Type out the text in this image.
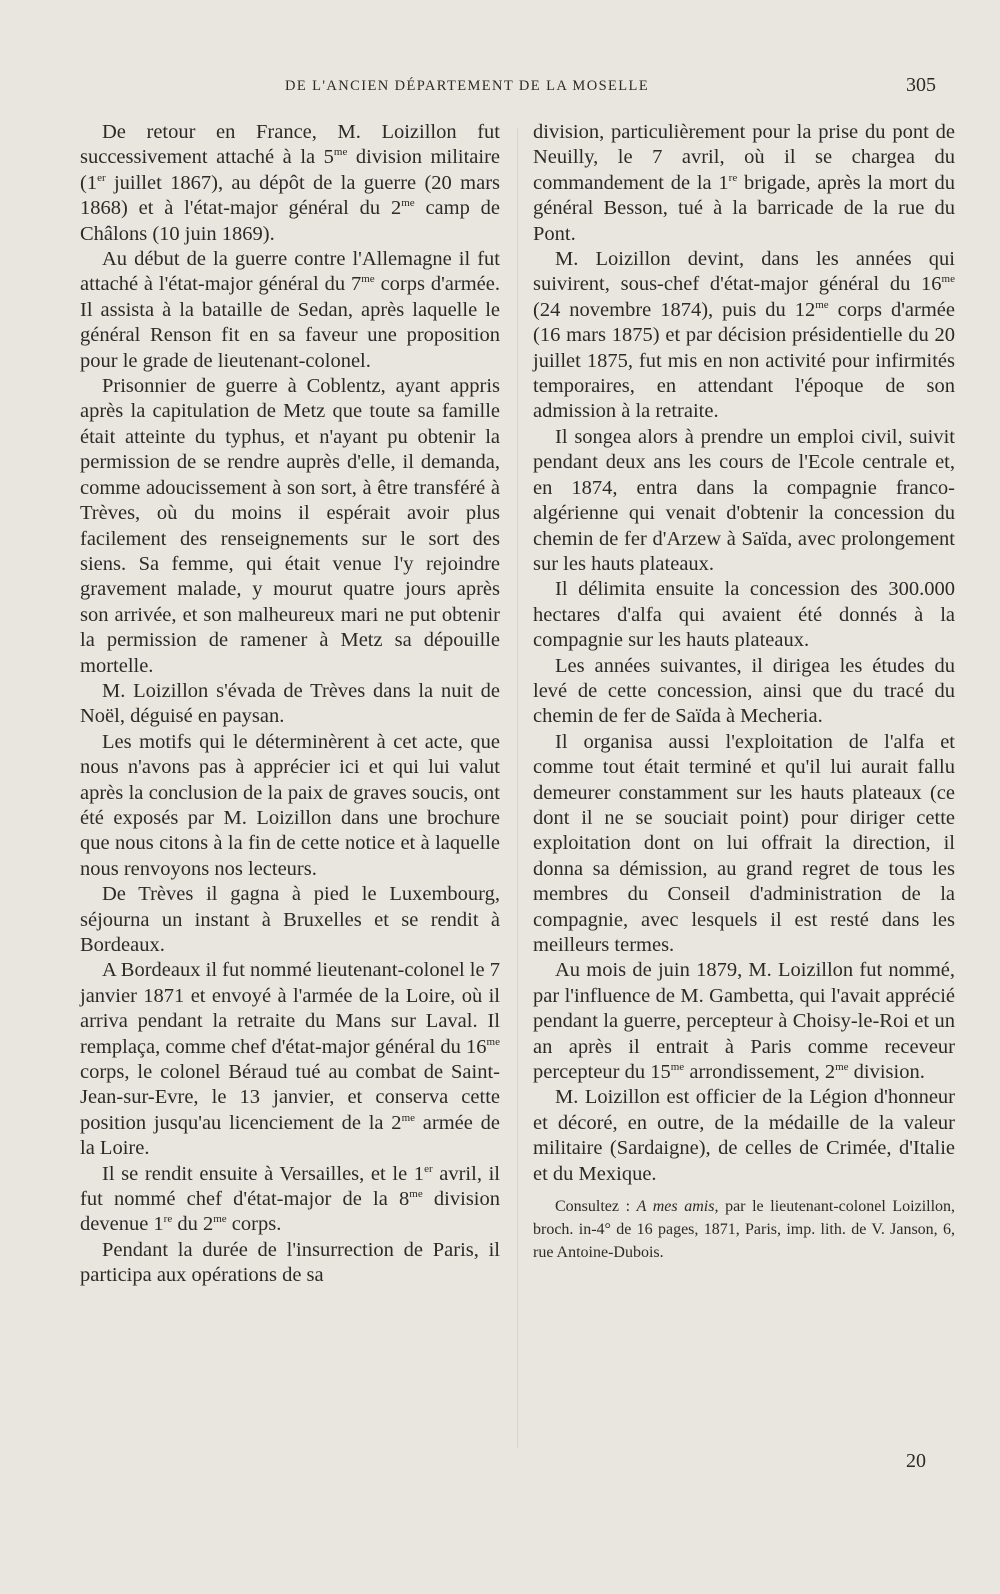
DE L'ANCIEN DÉPARTEMENT DE LA MOSELLE	305

De retour en France, M. Loizillon fut successivement attaché à la $5^{me}$ division militaire (1er juillet 1867), au dépôt de la guerre (20 mars 1868) et à l'état-major général du $2^{me}$ camp de Châlons (10 juin 1869).

Au début de la guerre contre l'Allemagne il fut attaché à l'état-major général du $7^{me}$ corps d'armée. Il assista à la bataille de Sedan, après laquelle le général Renson fit en sa faveur une proposition pour le grade de lieutenant-colonel.

Prisonnier de guerre à Coblentz, ayant appris après la capitulation de Metz que toute sa famille était atteinte du typhus, et n'ayant pu obtenir la permission de se rendre auprès d'elle, il demanda, comme adoucissement à son sort, à être transféré à Trèves, où du moins il espérait avoir plus facilement des renseignements sur le sort des siens. Sa femme, qui était venue l'y rejoindre gravement malade, y mourut quatre jours après son arrivée, et son malheureux mari ne put obtenir la permission de ramener à Metz sa dépouille mortelle.

M. Loizillon s'évada de Trèves dans la nuit de Noël, déguisé en paysan.

Les motifs qui le déterminèrent à cet acte, que nous n'avons pas à apprécier ici et qui lui valut après la conclusion de la paix de graves soucis, ont été exposés par M. Loizillon dans une brochure que nous citons à la fin de cette notice et à laquelle nous renvoyons nos lecteurs.

De Trèves il gagna à pied le Luxembourg, séjourna un instant à Bruxelles et se rendit à Bordeaux.

A Bordeaux il fut nommé lieutenant-colonel le 7 janvier 1871 et envoyé à l'armée de la Loire, où il arriva pendant la retraite du Mans sur Laval. Il remplaça, comme chef d'état-major général du $16^{me}$ corps, le colonel Béraud tué au combat de Saint-Jean-sur-Evre, le 13 janvier, et conserva cette position jusqu'au licenciement de la $2^{me}$ armée de la Loire.

Il se rendit ensuite à Versailles, et le 1er avril, il fut nommé chef d'état-major de la $8^{me}$ division devenue 1re du $2^{me}$ corps.

Pendant la durée de l'insurrection de Paris, il participa aux opérations de sa

division, particulièrement pour la prise du pont de Neuilly, le 7 avril, où il se chargea du commandement de la 1re brigade, après la mort du général Besson, tué à la barricade de la rue du Pont.

M. Loizillon devint, dans les années qui suivirent, sous-chef d'état-major général du $16^{me}$ (24 novembre 1874), puis du $12^{me}$ corps d'armée (16 mars 1875) et par décision présidentielle du 20 juillet 1875, fut mis en non activité pour infirmités temporaires, en attendant l'époque de son admission à la retraite.

Il songea alors à prendre un emploi civil, suivit pendant deux ans les cours de l'Ecole centrale et, en 1874, entra dans la compagnie franco-algérienne qui venait d'obtenir la concession du chemin de fer d'Arzew à Saïda, avec prolongement sur les hauts plateaux.

Il délimita ensuite la concession des 300.000 hectares d'alfa qui avaient été donnés à la compagnie sur les hauts plateaux.

Les années suivantes, il dirigea les études du levé de cette concession, ainsi que du tracé du chemin de fer de Saïda à Mecheria.

Il organisa aussi l'exploitation de l'alfa et comme tout était terminé et qu'il lui aurait fallu demeurer constamment sur les hauts plateaux (ce dont il ne se souciait point) pour diriger cette exploitation dont on lui offrait la direction, il donna sa démission, au grand regret de tous les membres du Conseil d'administration de la compagnie, avec lesquels il est resté dans les meilleurs termes.

Au mois de juin 1879, M. Loizillon fut nommé, par l'influence de M. Gambetta, qui l'avait apprécié pendant la guerre, percepteur à Choisy-le-Roi et un an après il entrait à Paris comme receveur percepteur du $15^{me}$ arrondissement, $2^{me}$ division.

M. Loizillon est officier de la Légion d'honneur et décoré, en outre, de la médaille de la valeur militaire (Sardaigne), de celles de Crimée, d'Italie et du Mexique.

Consultez : A mes amis, par le lieutenant-colonel Loizillon, broch. in-4° de 16 pages, 1871, Paris, imp. lith. de V. Janson, 6, rue Antoine-Dubois.

20
